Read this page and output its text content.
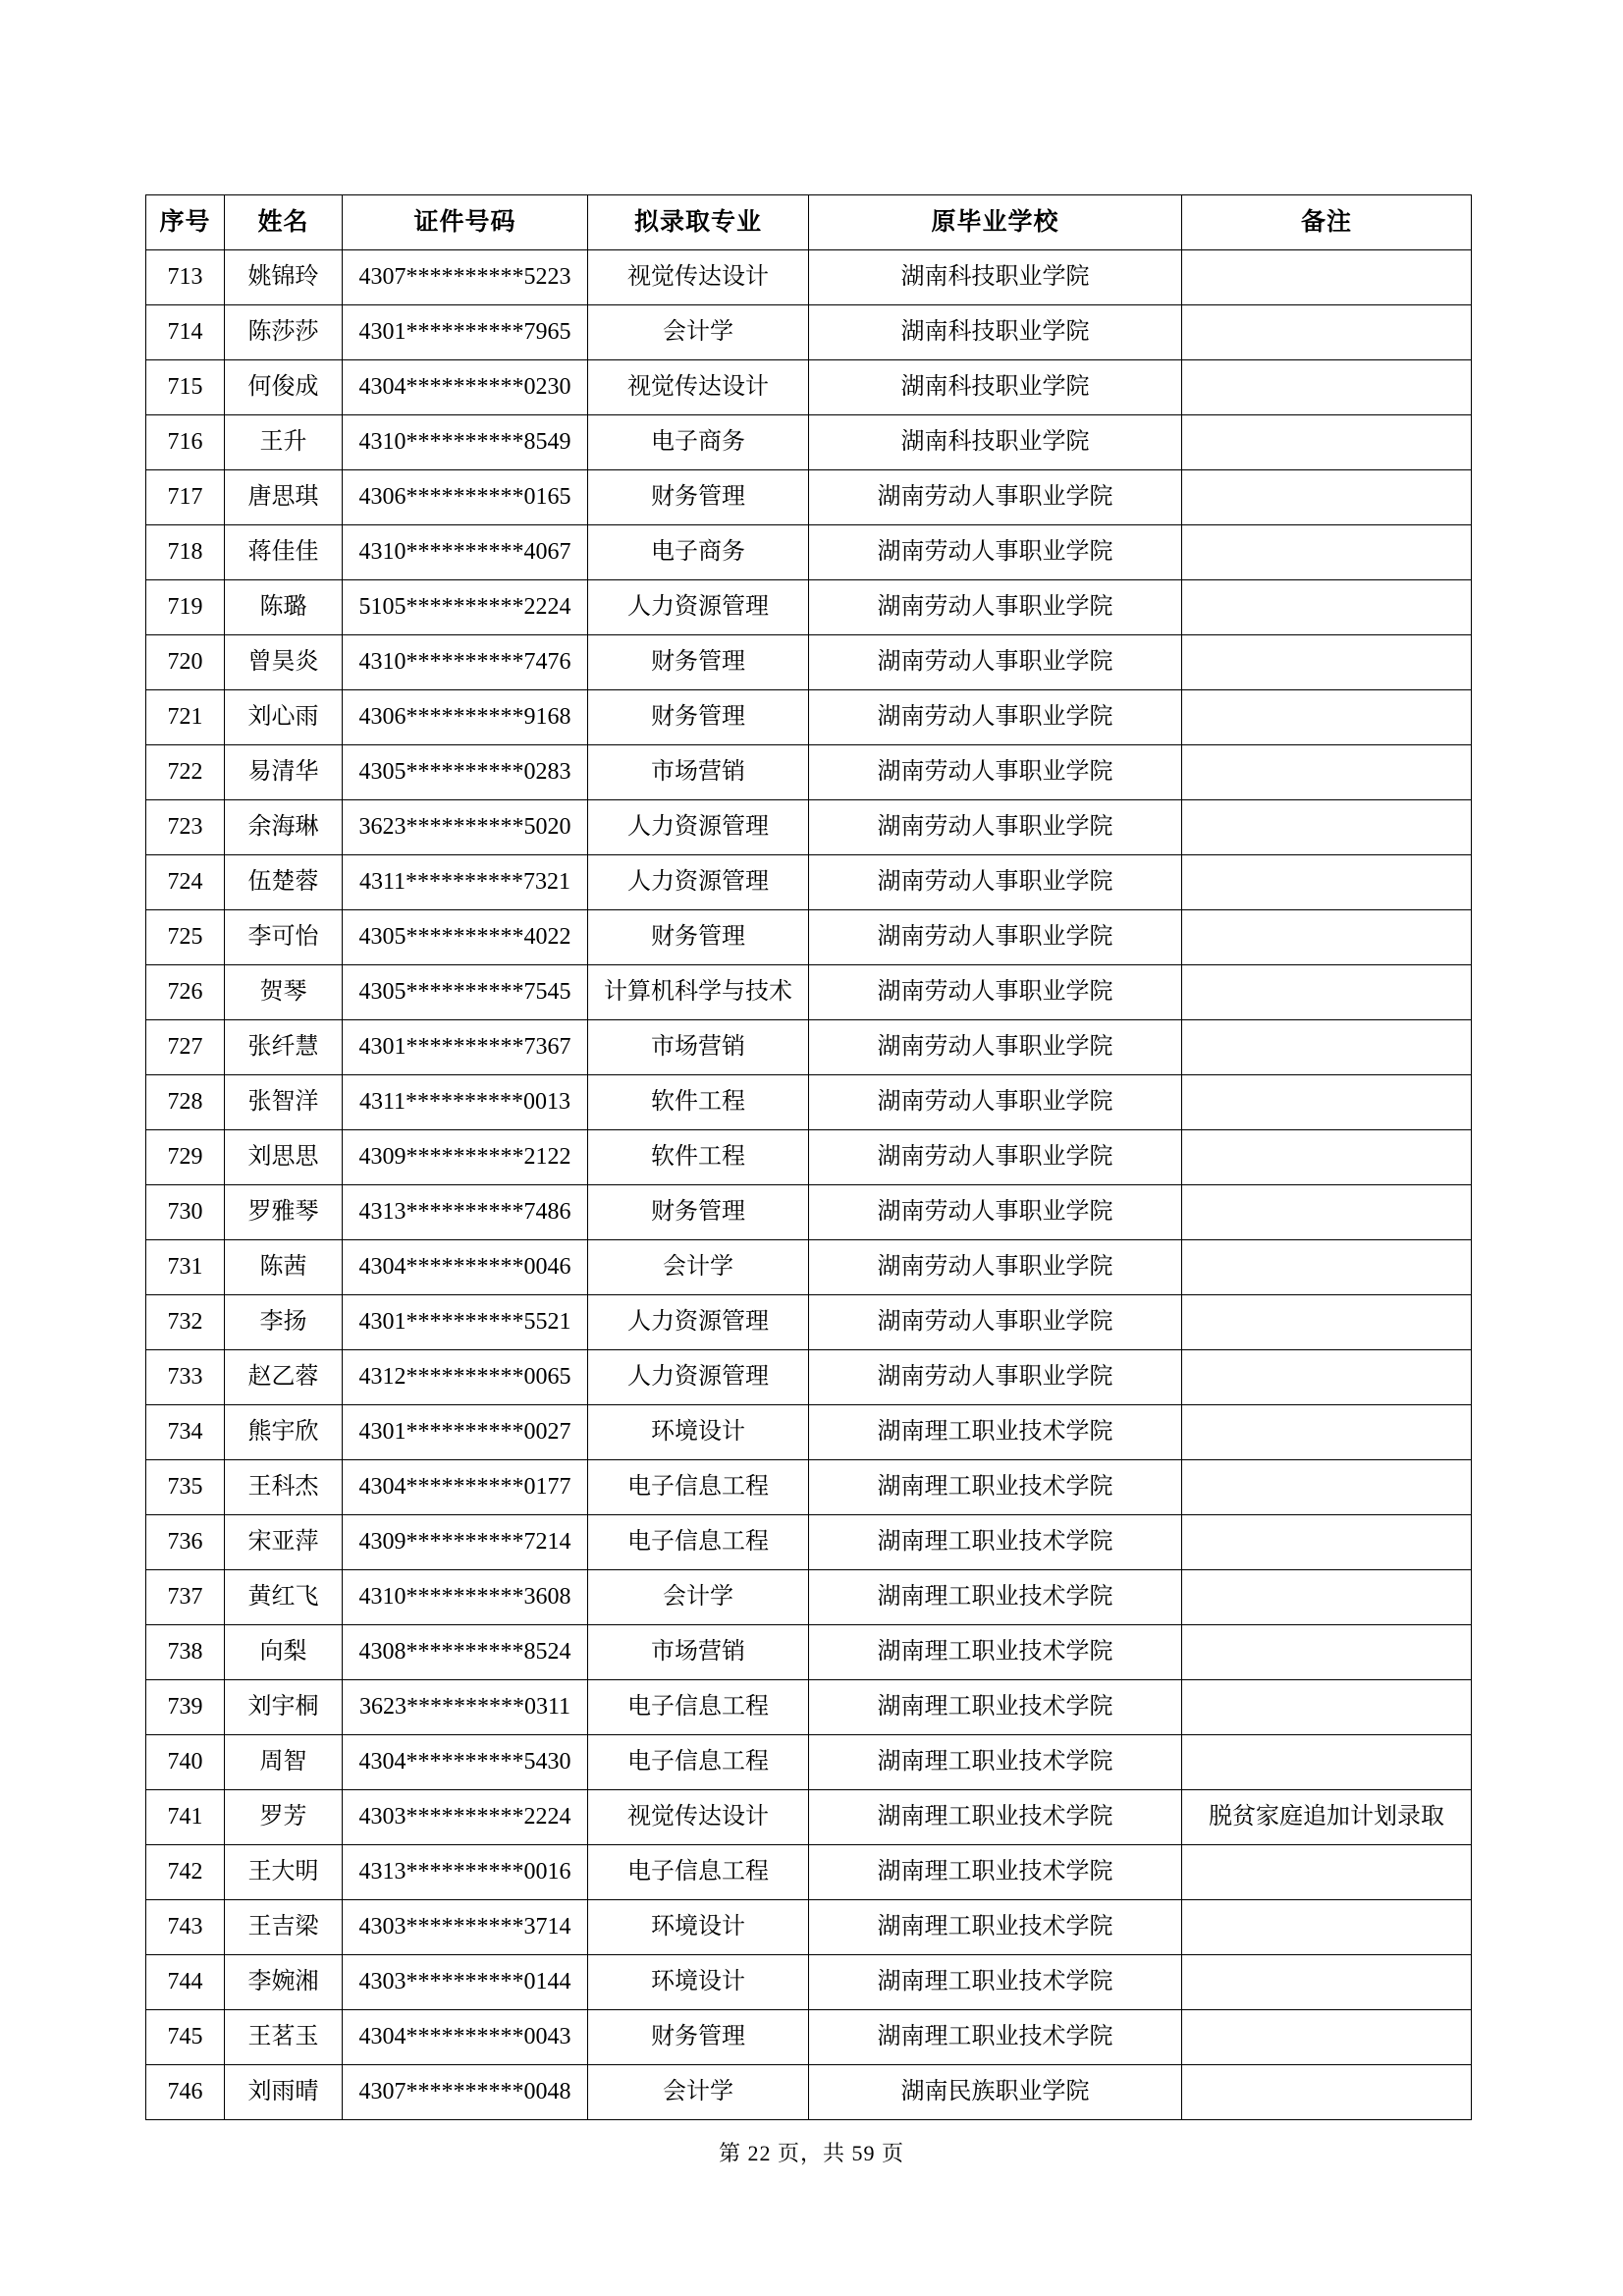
序号	姓名	证件号码	拟录取专业	原毕业学校	备注
713	姚锦玲	4307**********5223	视觉传达设计	湖南科技职业学院	
714	陈莎莎	4301**********7965	会计学	湖南科技职业学院	
715	何俊成	4304**********0230	视觉传达设计	湖南科技职业学院	
716	王升	4310**********8549	电子商务	湖南科技职业学院	
717	唐思琪	4306**********0165	财务管理	湖南劳动人事职业学院	
718	蒋佳佳	4310**********4067	电子商务	湖南劳动人事职业学院	
719	陈璐	5105**********2224	人力资源管理	湖南劳动人事职业学院	
720	曾昊炎	4310**********7476	财务管理	湖南劳动人事职业学院	
721	刘心雨	4306**********9168	财务管理	湖南劳动人事职业学院	
722	易清华	4305**********0283	市场营销	湖南劳动人事职业学院	
723	余海琳	3623**********5020	人力资源管理	湖南劳动人事职业学院	
724	伍楚蓉	4311**********7321	人力资源管理	湖南劳动人事职业学院	
725	李可怡	4305**********4022	财务管理	湖南劳动人事职业学院	
726	贺琴	4305**********7545	计算机科学与技术	湖南劳动人事职业学院	
727	张纤慧	4301**********7367	市场营销	湖南劳动人事职业学院	
728	张智洋	4311**********0013	软件工程	湖南劳动人事职业学院	
729	刘思思	4309**********2122	软件工程	湖南劳动人事职业学院	
730	罗雅琴	4313**********7486	财务管理	湖南劳动人事职业学院	
731	陈茜	4304**********0046	会计学	湖南劳动人事职业学院	
732	李扬	4301**********5521	人力资源管理	湖南劳动人事职业学院	
733	赵乙蓉	4312**********0065	人力资源管理	湖南劳动人事职业学院	
734	熊宇欣	4301**********0027	环境设计	湖南理工职业技术学院	
735	王科杰	4304**********0177	电子信息工程	湖南理工职业技术学院	
736	宋亚萍	4309**********7214	电子信息工程	湖南理工职业技术学院	
737	黄红飞	4310**********3608	会计学	湖南理工职业技术学院	
738	向梨	4308**********8524	市场营销	湖南理工职业技术学院	
739	刘宇桐	3623**********0311	电子信息工程	湖南理工职业技术学院	
740	周智	4304**********5430	电子信息工程	湖南理工职业技术学院	
741	罗芳	4303**********2224	视觉传达设计	湖南理工职业技术学院	脱贫家庭追加计划录取
742	王大明	4313**********0016	电子信息工程	湖南理工职业技术学院	
743	王吉梁	4303**********3714	环境设计	湖南理工职业技术学院	
744	李婉湘	4303**********0144	环境设计	湖南理工职业技术学院	
745	王茗玉	4304**********0043	财务管理	湖南理工职业技术学院	
746	刘雨晴	4307**********0048	会计学	湖南民族职业学院	
第 22 页，共 59 页
